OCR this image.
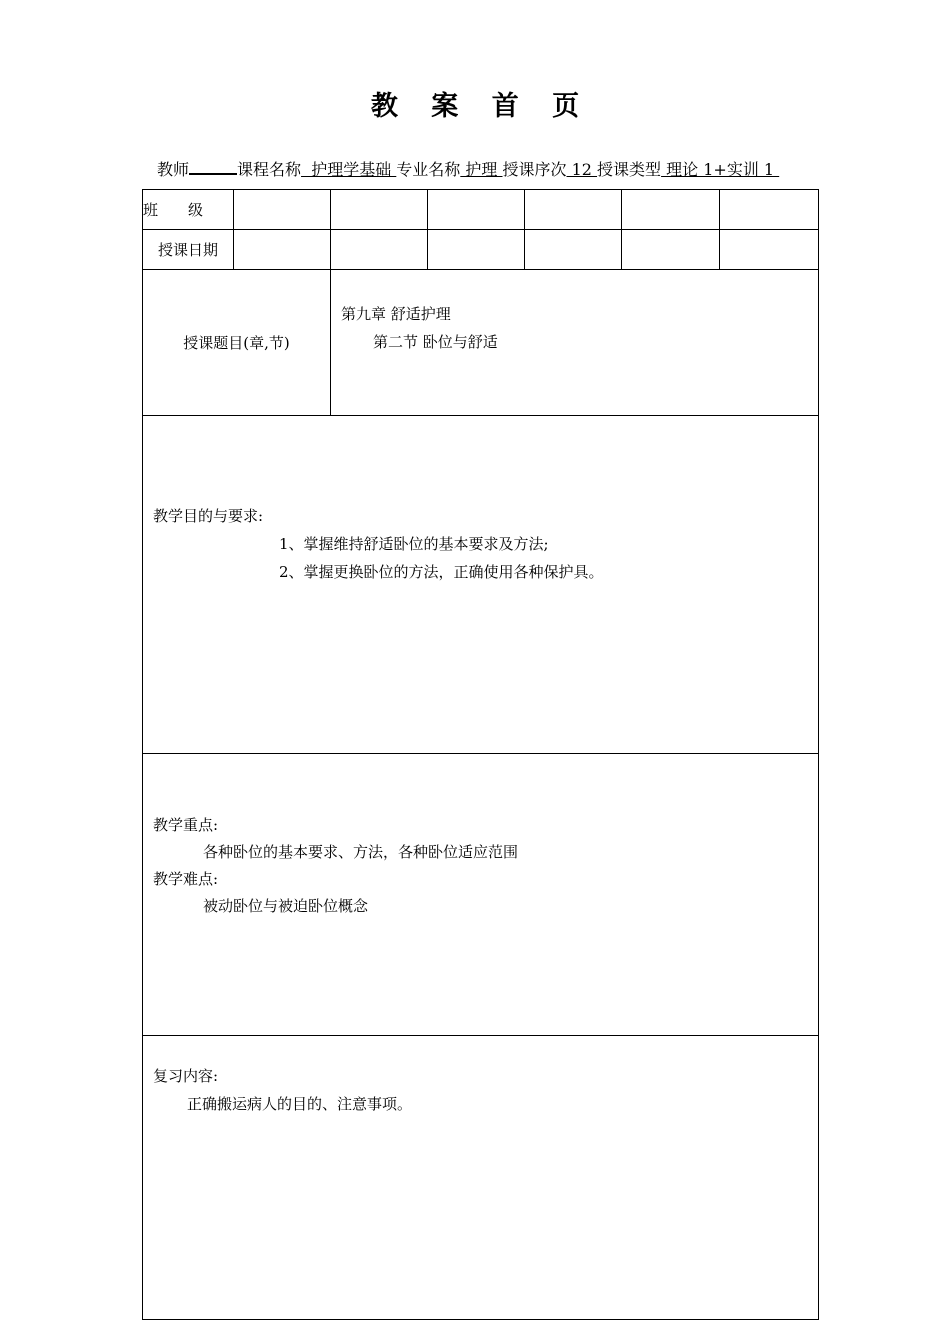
教 案 首 页
教师	课程名称  护理学基础 专业名称 护理 授课序次 12 授课类型 理论 1+实训 1
班级						
授课日期						
授课题目(章,节)		第九章 舒适护理
第二节 卧位与舒适				

教学目的与要求:
1、掌握维持舒适卧位的基本要求及方法;
2、掌握更换卧位的方法，正确使用各种保护具。						

教学重点:
各种卧位的基本要求、方法，各种卧位适应范围
教学难点:
被动卧位与被迫卧位概念						

复习内容:
正确搬运病人的目的、注意事项。						
